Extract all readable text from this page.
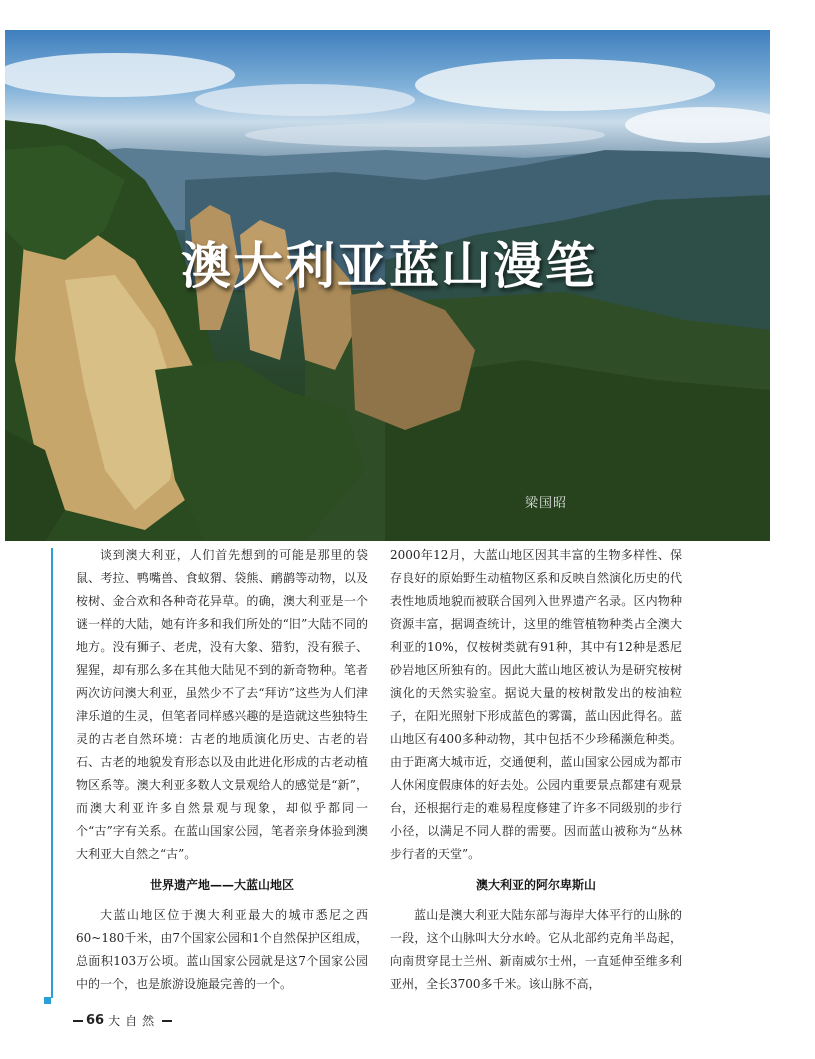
澳大利亚蓝山漫笔
梁国昭

谈到澳大利亚，人们首先想到的可能是那里的袋鼠、考拉、鸭嘴兽、食蚁猬、袋熊、鸸鹋等动物，以及桉树、金合欢和各种奇花异草。的确，澳大利亚是一个谜一样的大陆，她有许多和我们所处的“旧”大陆不同的地方。没有狮子、老虎，没有大象、猎豹，没有猴子、猩猩，却有那么多在其他大陆见不到的新奇物种。笔者两次访问澳大利亚，虽然少不了去“拜访”这些为人们津津乐道的生灵，但笔者同样感兴趣的是造就这些独特生灵的古老自然环境：古老的地质演化历史、古老的岩石、古老的地貌发育形态以及由此进化形成的古老动植物区系等。澳大利亚多数人文景观给人的感觉是“新”，而澳大利亚许多自然景观与现象，却似乎都同一个“古”字有关系。在蓝山国家公园，笔者亲身体验到澳大利亚大自然之“古”。

世界遗产地——大蓝山地区

大蓝山地区位于澳大利亚最大的城市悉尼之西60~180千米，由7个国家公园和1个自然保护区组成，总面积103万公顷。蓝山国家公园就是这7个国家公园中的一个，也是旅游设施最完善的一个。

2000年12月，大蓝山地区因其丰富的生物多样性、保存良好的原始野生动植物区系和反映自然演化历史的代表性地质地貌而被联合国列入世界遗产名录。区内物种资源丰富，据调查统计，这里的维管植物种类占全澳大利亚的10%，仅桉树类就有91种，其中有12种是悉尼砂岩地区所独有的。因此大蓝山地区被认为是研究桉树演化的天然实验室。据说大量的桉树散发出的桉油粒子，在阳光照射下形成蓝色的雾霭，蓝山因此得名。蓝山地区有400多种动物，其中包括不少珍稀濒危种类。由于距离大城市近，交通便利，蓝山国家公园成为都市人休闲度假康体的好去处。公园内重要景点都建有观景台，还根据行走的难易程度修建了许多不同级别的步行小径，以满足不同人群的需要。因而蓝山被称为“丛林步行者的天堂”。

澳大利亚的阿尔卑斯山

蓝山是澳大利亚大陆东部与海岸大体平行的山脉的一段，这个山脉叫大分水岭。它从北部约克角半岛起，向南贯穿昆士兰州、新南威尔士州，一直延伸至维多利亚州，全长3700多千米。该山脉不高，

66 大自然
